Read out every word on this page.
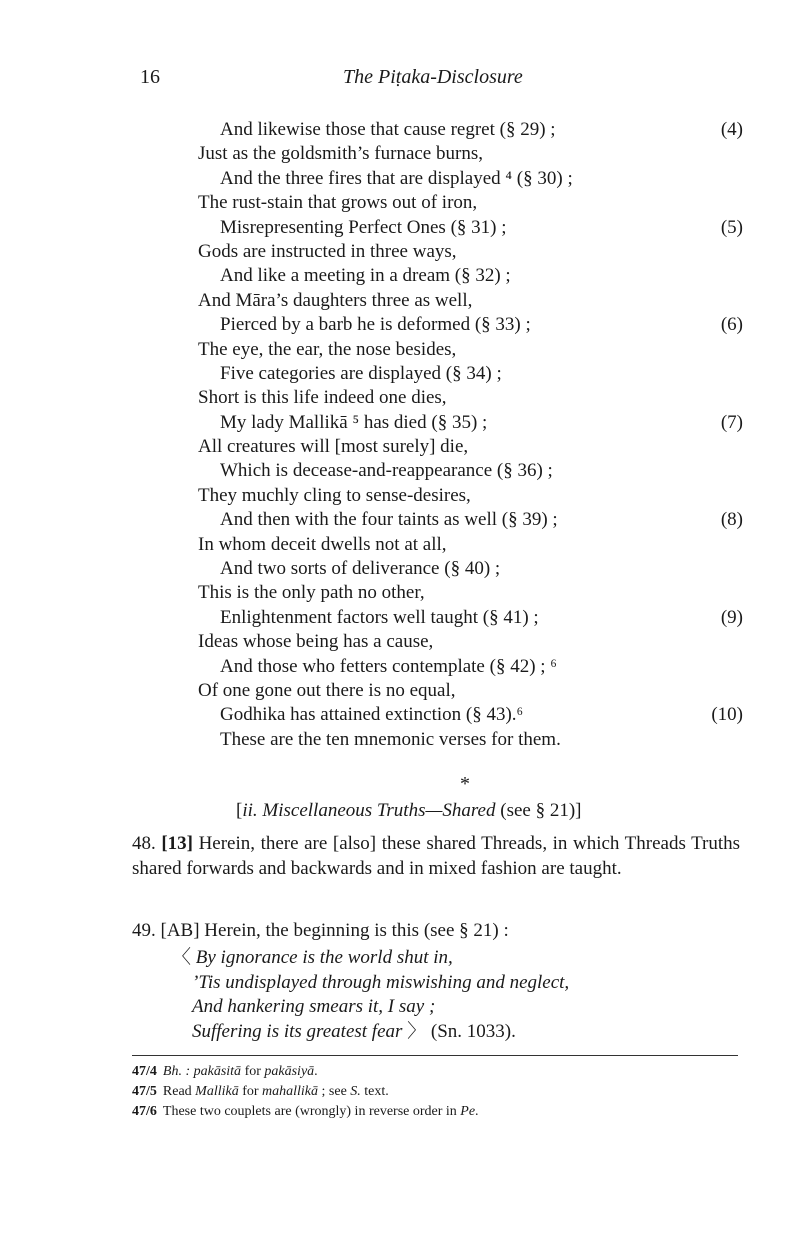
16	The Piṭaka-Disclosure
And likewise those that cause regret (§ 29) ;	(4)
Just as the goldsmith’s furnace burns,
And the three fires that are displayed ⁴ (§ 30) ;
The rust-stain that grows out of iron,
Misrepresenting Perfect Ones (§ 31) ;	(5)
Gods are instructed in three ways,
And like a meeting in a dream (§ 32) ;
And Māra’s daughters three as well,
Pierced by a barb he is deformed (§ 33) ;	(6)
The eye, the ear, the nose besides,
Five categories are displayed (§ 34) ;
Short is this life indeed one dies,
My lady Mallikā ⁵ has died (§ 35) ;	(7)
All creatures will [most surely] die,
Which is decease-and-reappearance (§ 36) ;
They muchly cling to sense-desires,
And then with the four taints as well (§ 39) ;	(8)
In whom deceit dwells not at all,
And two sorts of deliverance (§ 40) ;
This is the only path no other,
Enlightenment factors well taught (§ 41) ;	(9)
Ideas whose being has a cause,
And those who fetters contemplate (§ 42) ; ⁶
Of one gone out there is no equal,
Godhika has attained extinction (§ 43).⁶	(10)
These are the ten mnemonic verses for them.
*
[ii. Miscellaneous Truths—Shared (see § 21)]
48. [13] Herein, there are [also] these shared Threads, in which Threads Truths shared forwards and backwards and in mixed fashion are taught.
49. [AB] Herein, the beginning is this (see § 21) :
〈 By ignorance is the world shut in,
’Tis undisplayed through miswishing and neglect,
And hankering smears it, I say ;
Suffering is its greatest fear 〉 (Sn. 1033).
47/4 Bh. : pakāsitā for pakāsiyā.
47/5 Read Mallikā for mahallikā ; see S. text.
47/6 These two couplets are (wrongly) in reverse order in Pe.
